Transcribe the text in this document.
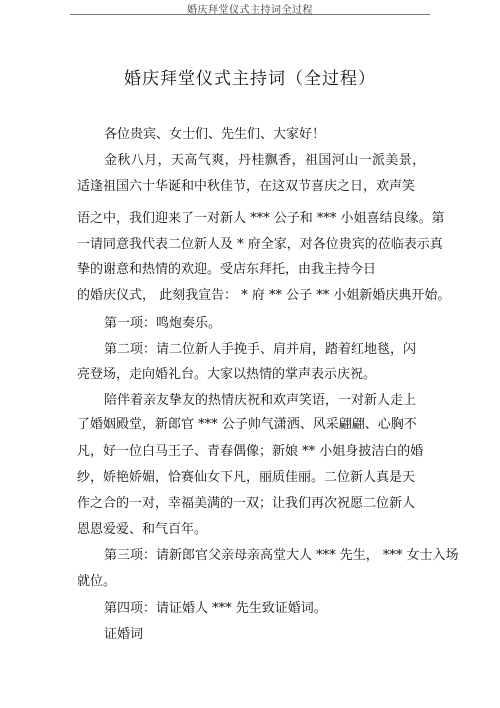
婚庆拜堂仪式主持词全过程
婚庆拜堂仪式主持词（全过程）
各位贵宾、女士们、先生们、大家好！
金秋八月，天高气爽，丹桂飘香，祖国河山一派美景，
适逢祖国六十华诞和中秋佳节，在这双节喜庆之日，欢声笑
语之中，我们迎来了一对新人 *** 公子和 *** 小姐喜结良缘。第
一请同意我代表二位新人及 * 府全家，对各位贵宾的莅临表示真
挚的谢意和热情的欢迎。受店东拜托，由我主持今日
的婚庆仪式， 此刻我宣告： * 府 ** 公子 ** 小姐新婚庆典开始。
第一项：鸣炮奏乐。
第二项：请二位新人手挽手、肩并肩，踏着红地毯，闪
亮登场，走向婚礼台。大家以热情的掌声表示庆祝。
陪伴着亲友挚友的热情庆祝和欢声笑语，一对新人走上
了婚姻殿堂，新郎官 *** 公子帅气潇洒、风采翩翩、心胸不
凡，好一位白马王子、青春偶像；新娘 ** 小姐身披洁白的婚
纱，娇艳娇媚，恰赛仙女下凡，丽质佳丽。二位新人真是天
作之合的一对，幸福美满的一双；让我们再次祝愿二位新人
恩恩爱爱、和气百年。
第三项：请新郎官父亲母亲高堂大人 *** 先生， *** 女士入场
就位。
第四项：请证婚人 *** 先生致证婚词。
证婚词
